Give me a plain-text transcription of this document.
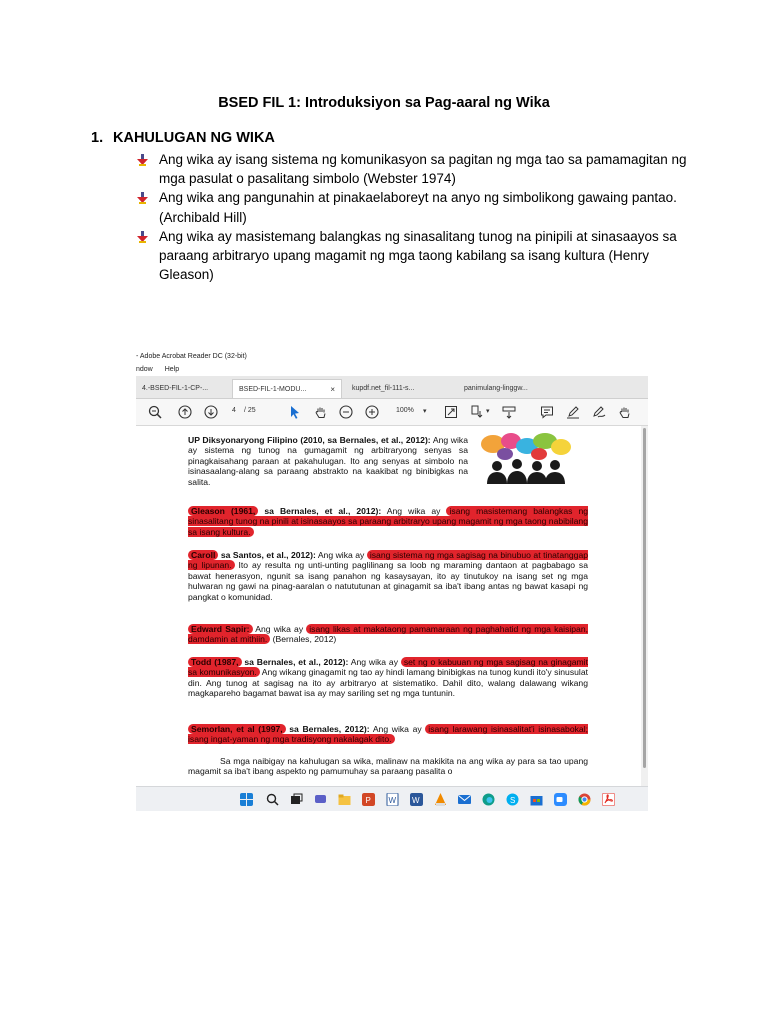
BSED FIL 1: Introduksiyon sa Pag-aaral ng Wika
1. KAHULUGAN NG WIKA
Ang wika ay isang sistema ng komunikasyon sa pagitan ng mga tao sa pamamagitan ng mga pasulat o pasalitang simbolo (Webster 1974)
Ang wika ang pangunahin at pinakaelaboreyt na anyo ng simbolikong gawaing pantao. (Archibald Hill)
Ang wika ay masistemang balangkas ng sinasalitang tunog na pinipili at sinasaayos sa paraang arbitraryo upang magamit ng mga taong kabilang sa isang kultura (Henry Gleason)
- Adobe Acrobat Reader DC (32-bit)
ndow Help
4.-BSED-FIL-1-CP-...	BSED-FIL-1-MODU...	×	kupdf.net_fil-111-s...	panimulang-linggw...
4 / 25	100% ▾	▾
UP Diksyonaryong Filipino (2010, sa Bernales, et al., 2012): Ang wika ay sistema ng tunog na gumagamit ng arbitraryong senyas sa pinagkaisahang paraan at pakahulugan. Ito ang senyas at simbolo na isinasaalang-alang sa paraang abstrakto na kaakibat ng binibigkas na salita.
Gleason (1961, sa Bernales, et al., 2012): Ang wika ay isang masistemang balangkas ng sinasalitang tunog na pinili at isinasaayos sa paraang arbitraryo upang magamit ng mga taong nabibilang sa isang kultura.
Caroll sa Santos, et al., 2012): Ang wika ay isang sistema ng mga sagisag na binubuo at tinatanggap ng lipunan. Ito ay resulta ng unti-unting paglilinang sa loob ng maraming dantaon at pagbabago sa bawat henerasyon, ngunit sa isang panahon ng kasaysayan, ito ay tinutukoy na isang set ng mga hulwaran ng gawi na pinag-aaralan o natututunan at ginagamit sa iba't ibang antas ng bawat kasapi ng pangkat o komunidad.
Edward Sapir: Ang wika ay isang likas at makataong pamamaraan ng paghahatid ng mga kaisipan, damdamin at mithiin. (Bernales, 2012)
Todd (1987, sa Bernales, et al., 2012): Ang wika ay set ng o kabuuan ng mga sagisag na ginagamit sa komunikasyon. Ang wikang ginagamit ng tao ay hindi lamang binibigkas na tunog kundi ito'y sinusulat din. Ang tunog at sagisag na ito ay arbitraryo at sistematiko. Dahil dito, walang dalawang wikang magkapareho bagamat bawat isa ay may sariling set ng mga tuntunin.
Semorlan, et al (1997, sa Bernales, 2012): Ang wika ay isang larawang isinasalitat'i isinasabokal; isang ingat-yaman ng mga tradisyong nakalagak dito.
Sa mga naibigay na kahulugan sa wika, malinaw na makikita na ang wika ay para sa tao upang magamit sa iba't ibang aspekto ng pamumuhay sa paraang pasalita o
P W W	S
